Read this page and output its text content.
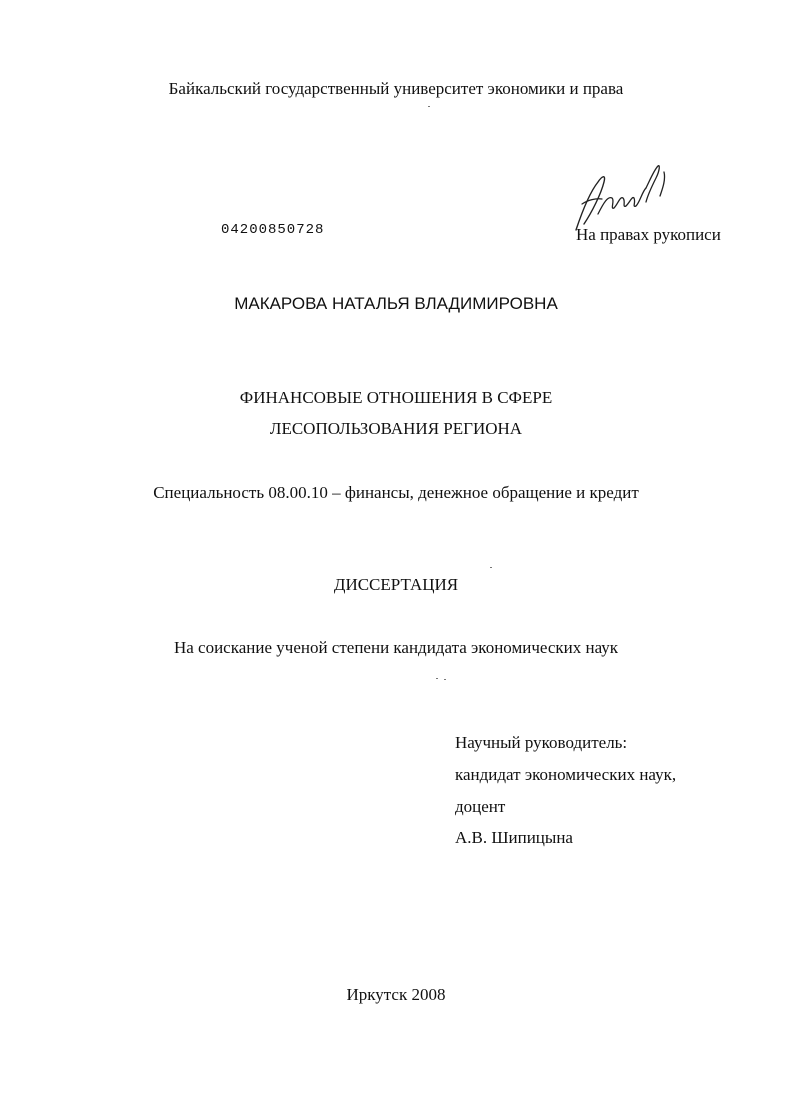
Байкальский государственный университет экономики и права
04200850728	На правах рукописи
МАКАРОВА НАТАЛЬЯ ВЛАДИМИРОВНА
ФИНАНСОВЫЕ ОТНОШЕНИЯ В СФЕРЕ
ЛЕСОПОЛЬЗОВАНИЯ РЕГИОНА
Специальность 08.00.10 – финансы, денежное обращение и кредит
ДИССЕРТАЦИЯ
На соискание ученой степени кандидата экономических наук
Научный руководитель:
кандидат экономических наук,
доцент
А.В. Шипицына
Иркутск 2008
